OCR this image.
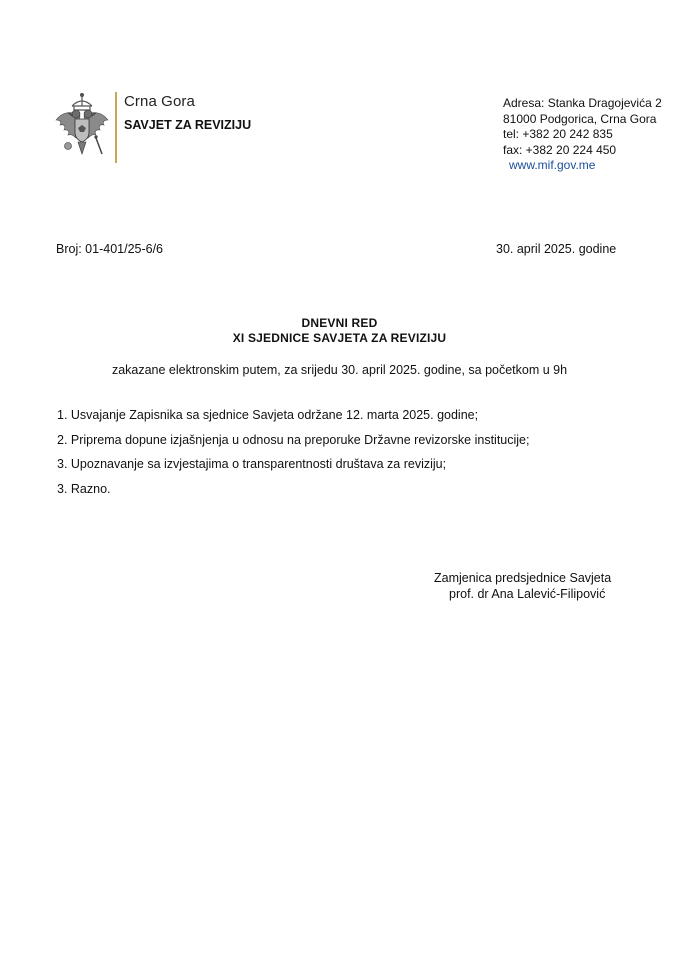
Crna Gora
SAVJET ZA REVIZIJU
Adresa: Stanka Dragojevića 2
81000 Podgorica, Crna Gora
tel: +382 20 242 835
fax: +382 20 224 450
www.mif.gov.me
Broj: 01-401/25-6/6	30. april 2025. godine
DNEVNI RED
XI SJEDNICE SAVJETA ZA REVIZIJU
zakazane elektronskim putem, za srijedu 30. april 2025. godine, sa početkom u 9h
1. Usvajanje Zapisnika sa sjednice Savjeta održane 12. marta 2025. godine;
2. Priprema dopune izjašnjenja u odnosu na preporuke Državne revizorske institucije;
3. Upoznavanje sa izvjestajima o transparentnosti društava za reviziju;
3. Razno.
Zamjenica predsjednice Savjeta
prof. dr Ana Lalević-Filipović
